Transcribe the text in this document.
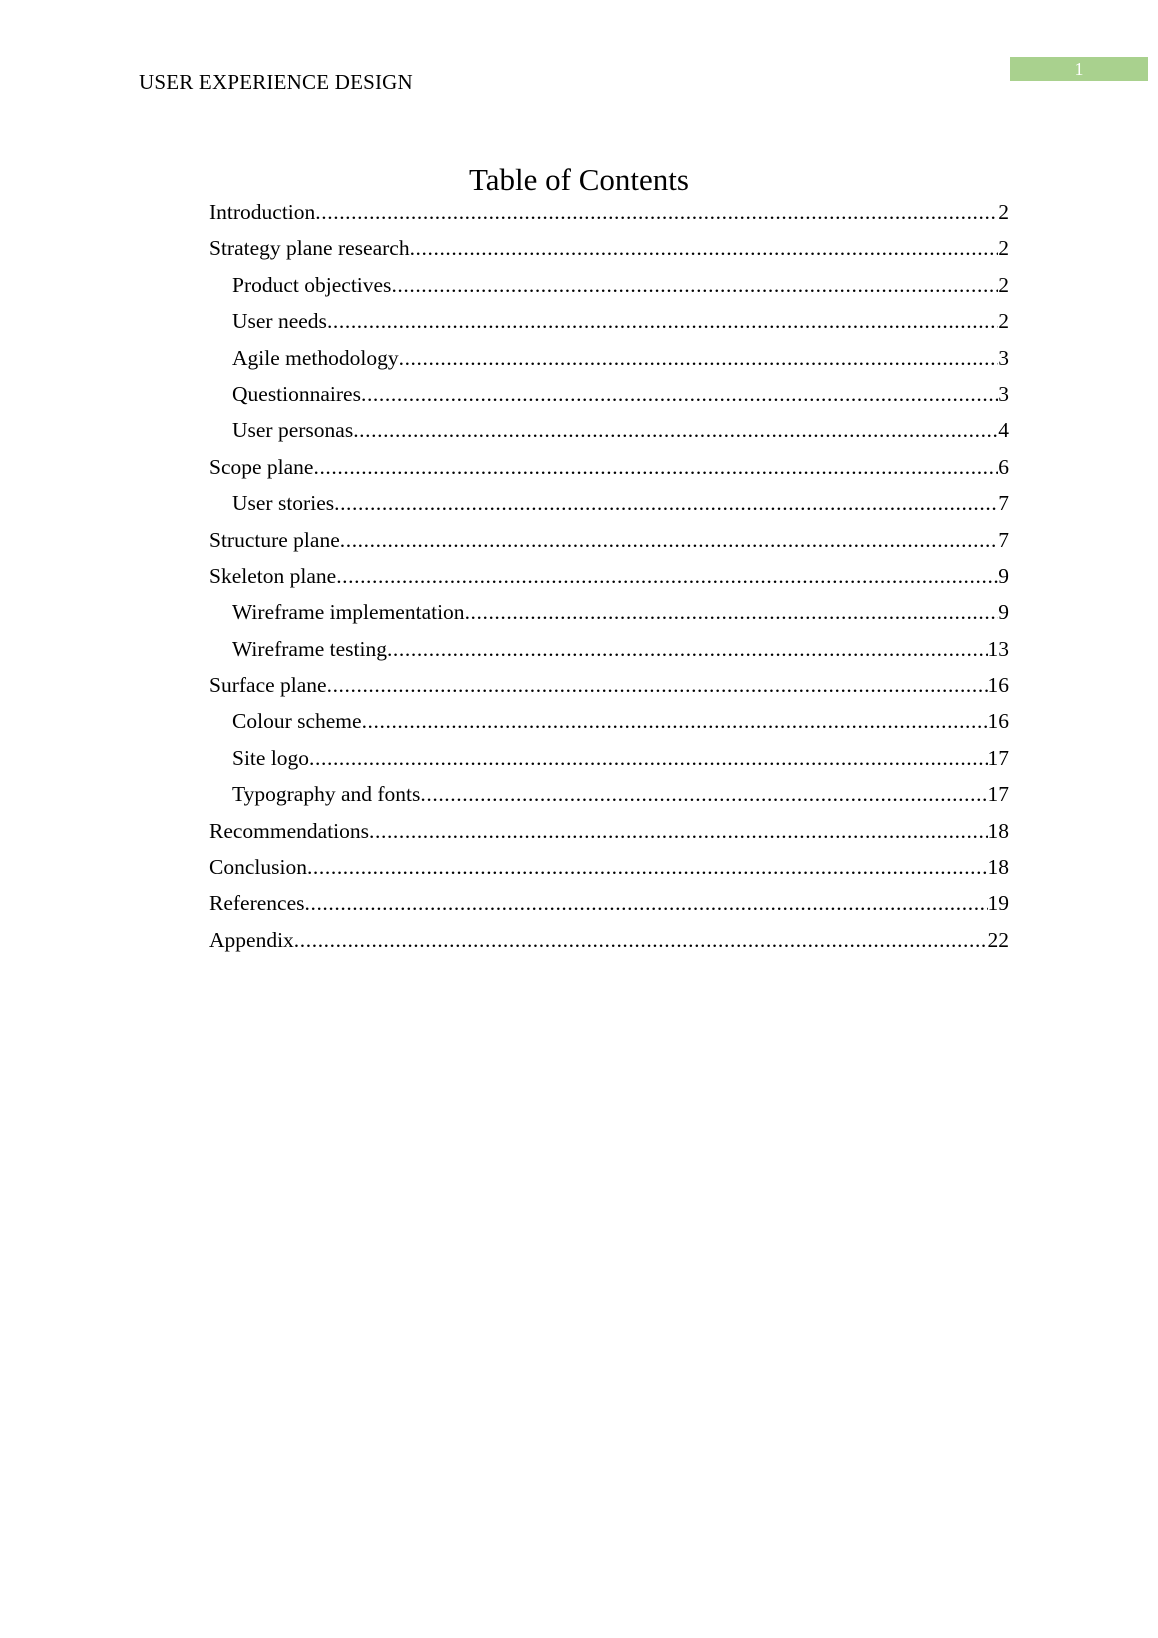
1
USER EXPERIENCE DESIGN
Table of Contents
Introduction .....	2
Strategy plane research .....	2
Product objectives .....	2
User needs .....	2
Agile methodology .....	3
Questionnaires .....	3
User personas .....	4
Scope plane .....	6
User stories .....	7
Structure plane .....	7
Skeleton plane .....	9
Wireframe implementation .....	9
Wireframe testing .....	13
Surface plane .....	16
Colour scheme .....	16
Site logo .....	17
Typography and fonts .....	17
Recommendations .....	18
Conclusion .....	18
References .....	19
Appendix .....	22
